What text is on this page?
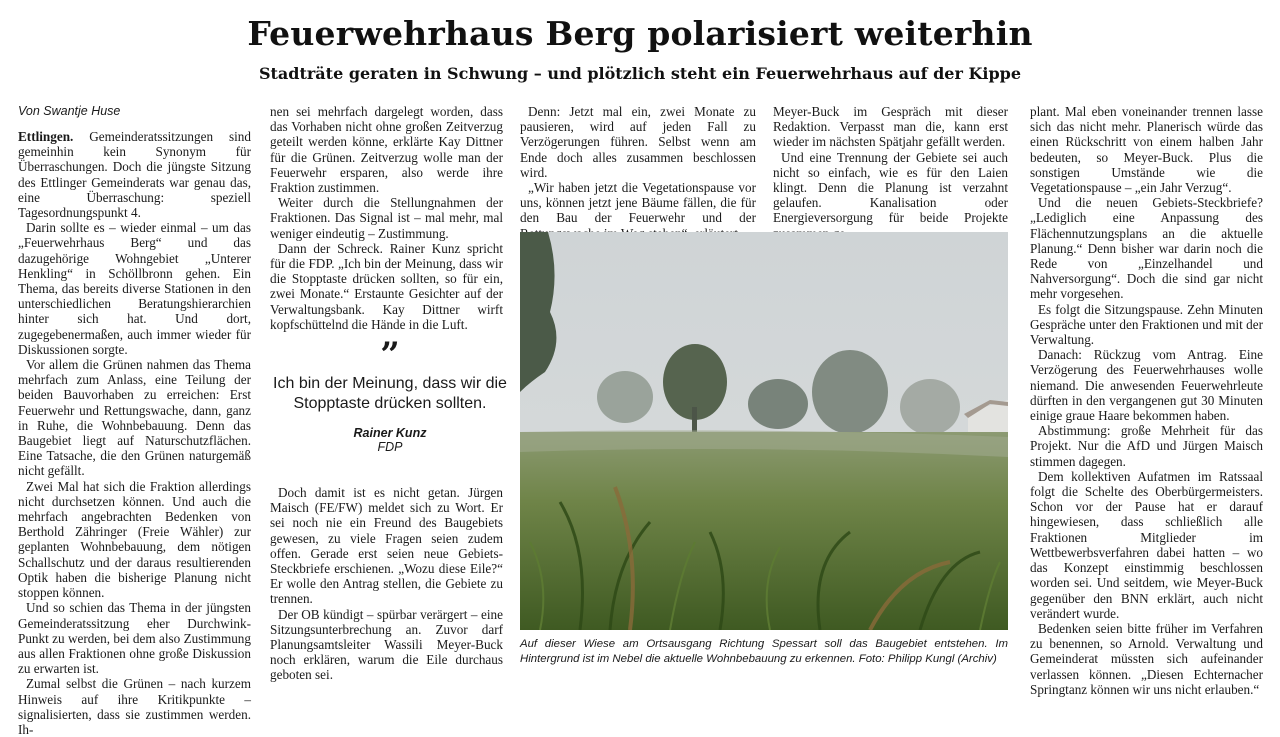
Feuerwehrhaus Berg polarisiert weiterhin
Stadträte geraten in Schwung – und plötzlich steht ein Feuerwehrhaus auf der Kippe
Von Swantje Huse

Ettlingen. Gemeinderatssitzungen sind gemeinhin kein Synonym für Überraschungen. Doch die jüngste Sitzung des Ettlinger Gemeinderats war genau das, eine Überraschung: speziell Tagesordnungspunkt 4.

Darin sollte es – wieder einmal – um das „Feuerwehrhaus Berg“ und das dazugehörige Wohngebiet „Unterer Henkling“ in Schöllbronn gehen. Ein Thema, das bereits diverse Stationen in den unterschiedlichen Beratungshierarchien hinter sich hat. Und dort, zugegebenermaßen, auch immer wieder für Diskussionen sorgte.

Vor allem die Grünen nahmen das Thema mehrfach zum Anlass, eine Teilung der beiden Bauvorhaben zu erreichen: Erst Feuerwehr und Rettungswache, dann, ganz in Ruhe, die Wohnbebauung. Denn das Baugebiet liegt auf Naturschutzflächen. Eine Tatsache, die den Grünen naturgemäß nicht gefällt.

Zwei Mal hat sich die Fraktion allerdings nicht durchsetzen können. Und auch die mehrfach angebrachten Bedenken von Berthold Zähringer (Freie Wähler) zur geplanten Wohnbebauung, dem nötigen Schallschutz und der daraus resultierenden Optik haben die bisherige Planung nicht stoppen können.

Und so schien das Thema in der jüngsten Gemeinderatssitzung eher Durchwink-Punkt zu werden, bei dem also Zustimmung aus allen Fraktionen ohne große Diskussion zu erwarten ist.

Zumal selbst die Grünen – nach kurzem Hinweis auf ihre Kritikpunkte – signalisierten, dass sie zustimmen werden. Ih-

nen sei mehrfach dargelegt worden, dass das Vorhaben nicht ohne großen Zeitverzug geteilt werden könne, erklärte Kay Dittner für die Grünen. Zeitverzug wolle man der Feuerwehr ersparen, also werde ihre Fraktion zustimmen.

Weiter durch die Stellungnahmen der Fraktionen. Das Signal ist – mal mehr, mal weniger eindeutig – Zustimmung.

Dann der Schreck. Rainer Kunz spricht für die FDP. „Ich bin der Meinung, dass wir die Stopptaste drücken sollten, so für ein, zwei Monate.“ Erstaunte Gesichter auf der Verwaltungsbank. Kay Dittner wirft kopfschüttelnd die Hände in die Luft.

”
Ich bin der Meinung, dass wir die Stopptaste drücken sollten.
Rainer Kunz
FDP

Doch damit ist es nicht getan. Jürgen Maisch (FE/FW) meldet sich zu Wort. Er sei noch nie ein Freund des Baugebiets gewesen, zu viele Fragen seien zudem offen. Gerade erst seien neue Gebiets-Steckbriefe erschienen. „Wozu diese Eile?“ Er wolle den Antrag stellen, die Gebiete zu trennen.

Der OB kündigt – spürbar verärgert – eine Sitzungsunterbrechung an. Zuvor darf Planungsamtsleiter Wassili Meyer-Buck noch erklären, warum die Eile durchaus geboten sei.

Denn: Jetzt mal ein, zwei Monate zu pausieren, wird auf jeden Fall zu Verzögerungen führen. Selbst wenn am Ende doch alles zusammen beschlossen wird.

„Wir haben jetzt die Vegetationspause vor uns, können jetzt jene Bäume fällen, die für den Bau der Feuerwehr und der

Meyer-Buck im Gespräch mit dieser Redaktion. Verpasst man die, kann erst wieder im nächsten Spätjahr gefällt werden.

Und eine Trennung der Gebiete sei auch nicht so einfach, wie es für den Laien klingt. Denn die Planung ist verzahnt gelaufen. Kanalisation oder Energieversorgung für beide Projekte

Auf dieser Wiese am Ortsausgang Richtung Spessart soll das Baugebiet entstehen. Im Hintergrund ist im Nebel die aktuelle Wohnbebauung zu erkennen. Foto: Philipp Kungl (Archiv)

plant. Mal eben voneinander trennen lasse sich das nicht mehr. Planerisch würde das einen Rückschritt von einem halben Jahr bedeuten, so Meyer-Buck. Plus die sonstigen Umstände wie die Vegetationspause – „ein Jahr Verzug“.

Und die neuen Gebiets-Steckbriefe? „Lediglich eine Anpassung des Flächennutzungsplans an die aktuelle Planung.“ Denn bisher war darin noch die Rede von „Einzelhandel und Nahversorgung“. Doch die sind gar nicht mehr vorgesehen.

Es folgt die Sitzungspause. Zehn Minuten Gespräche unter den Fraktionen und mit der Verwaltung.

Danach: Rückzug vom Antrag. Eine Verzögerung des Feuerwehrhauses wolle niemand. Die anwesenden Feuerwehrleute dürften in den vergangenen gut 30 Minuten einige graue Haare bekommen haben.

Abstimmung: große Mehrheit für das Projekt. Nur die AfD und Jürgen Maisch stimmen dagegen.

Dem kollektiven Aufatmen im Ratssaal folgt die Schelte des Oberbürgermeisters. Schon vor der Pause hat er darauf hingewiesen, dass schließlich alle Fraktionen Mitglieder im Wettbewerbsverfahren dabei hatten – wo das Konzept einstimmig beschlossen worden sei. Und seitdem, wie Meyer-Buck gegenüber den BNN erklärt, auch nicht verändert wurde.

Bedenken seien bitte früher im Verfahren zu benennen, so Arnold. Verwaltung und Gemeinderat müssten sich aufeinander verlassen können. „Diesen Echternacher Springtanz können wir uns nicht erlauben.“
